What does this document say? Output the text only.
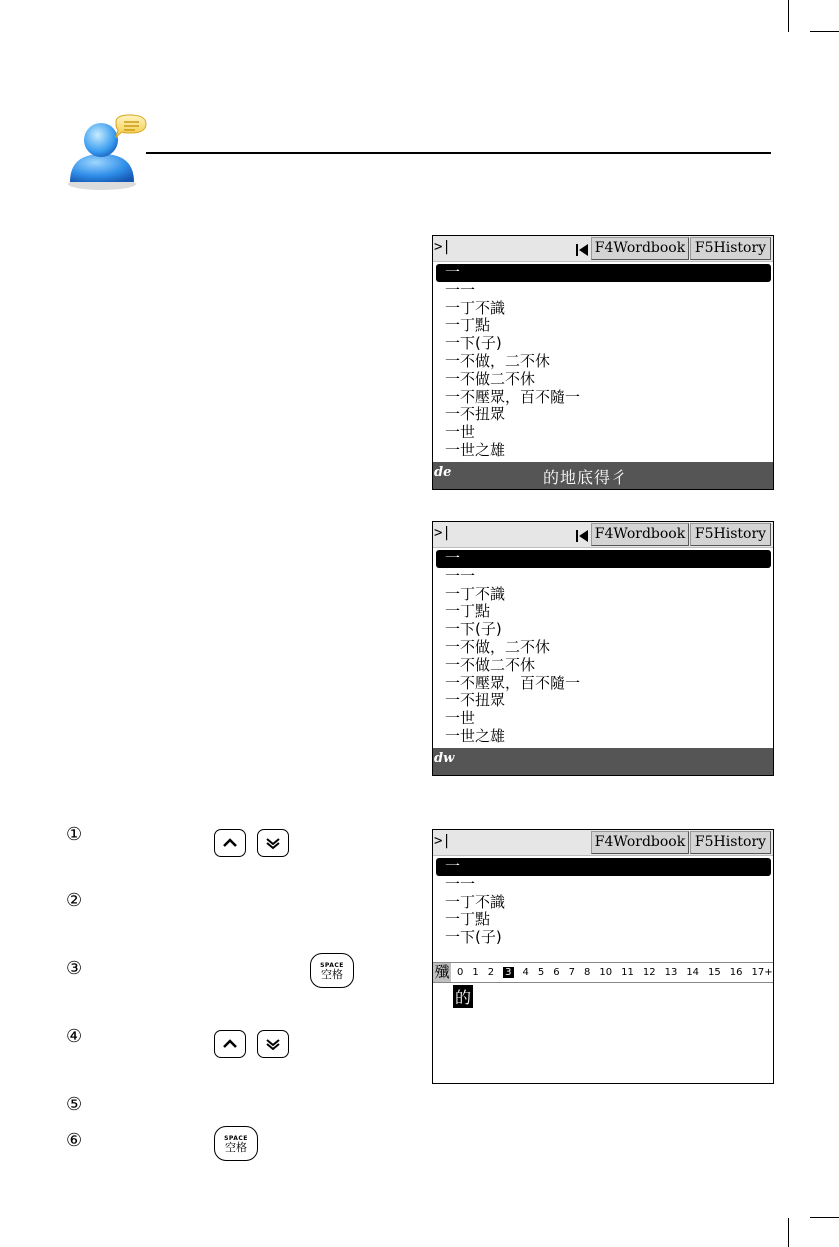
>|	F4Wordbook F5History
一
一一
一丁不識
一丁點
一下(子)
一不做，二不休
一不做二不休
一不壓眾，百不隨一
一不扭眾
一世
一世之雄
de	的地底得彳
>|	F4Wordbook F5History
一
一一
一丁不識
一丁點
一下(子)
一不做，二不休
一不做二不休
一不壓眾，百不隨一
一不扭眾
一世
一世之雄
dw
>|	F4Wordbook F5History
一
一一
一丁不識
一丁點
一下(子)
殲 0 1 2 3 4 5 6 7 8 10 11 12 13 14 15 16 17+
的
①
②
③
④
⑤
⑥
SPACE
空格
SPACE
空格
